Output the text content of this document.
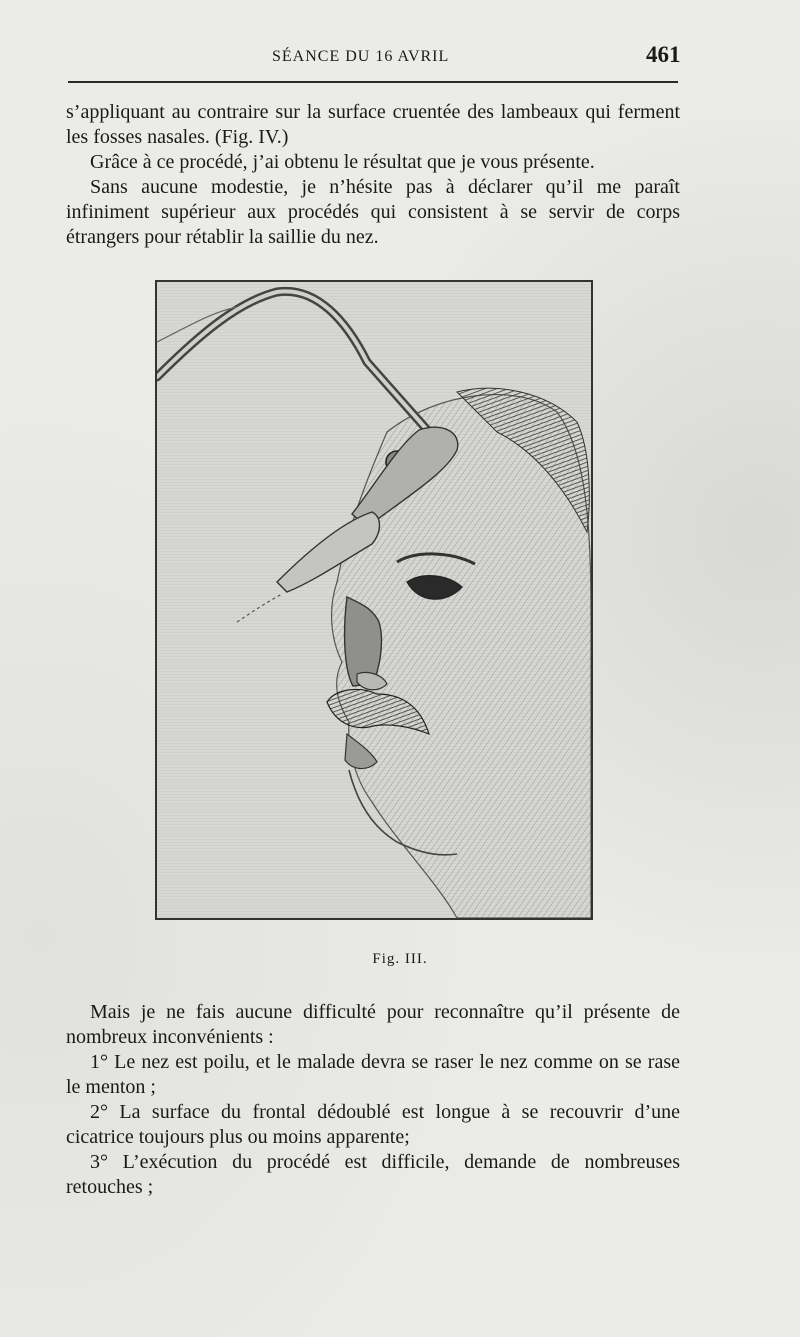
SÉANCE DU 16 AVRIL	461

s’appliquant au contraire sur la surface cruentée des lambeaux qui ferment les fosses nasales. (Fig. IV.)

Grâce à ce procédé, j’ai obtenu le résultat que je vous présente.

Sans aucune modestie, je n’hésite pas à déclarer qu’il me paraît infiniment supérieur aux procédés qui consistent à se servir de corps étrangers pour rétablir la saillie du nez.

Fig. III.

Mais je ne fais aucune difficulté pour reconnaître qu’il présente de nombreux inconvénients :

1° Le nez est poilu, et le malade devra se raser le nez comme on se rase le menton ;

2° La surface du frontal dédoublé est longue à se recouvrir d’une cicatrice toujours plus ou moins apparente;

3° L’exécution du procédé est difficile, demande de nombreuses retouches ;
